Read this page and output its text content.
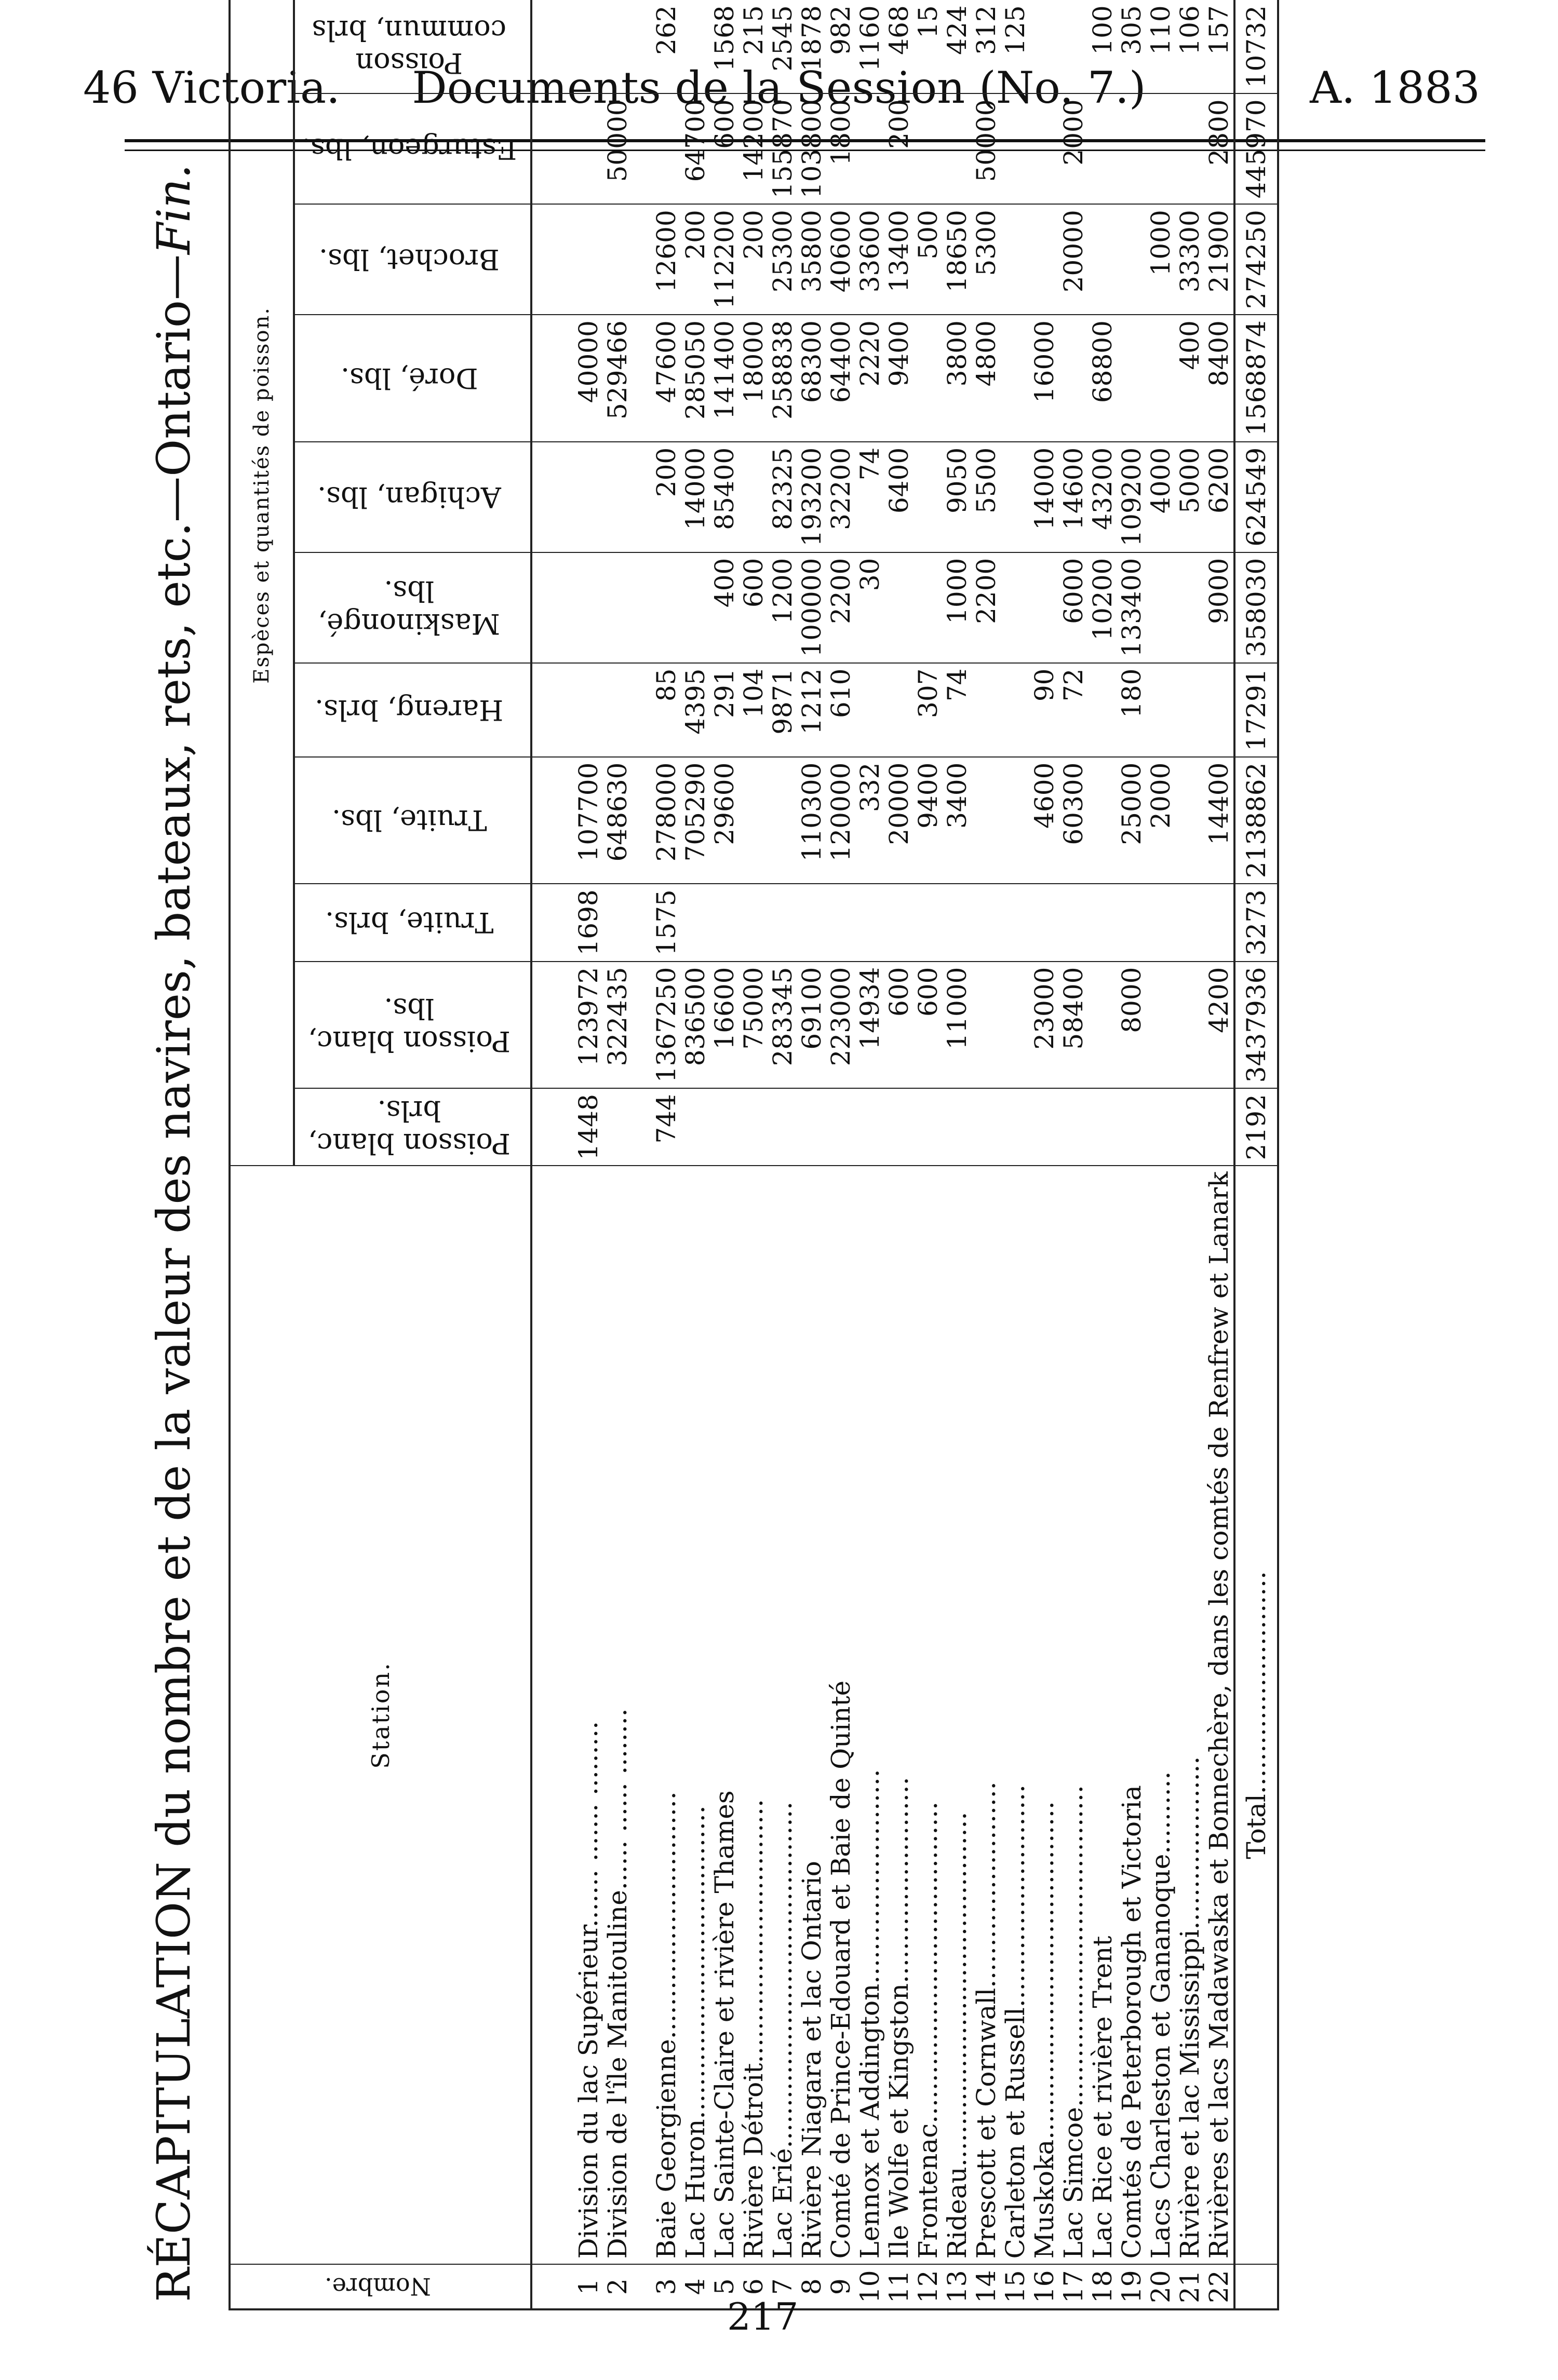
46 Victoria.	Documents de la Session (No. 7.)	A. 1883
RÉCAPITULATION du nombre et de la valeur des navires, bateaux, rets, etc.—Ontario—Fin.
Nombre.	Station.	Espèces et quantités de poisson.	
		Poisson blanc, brls.	Poisson blanc, lbs.	Truite, brls.	Truite, lbs.	Hareng, brls.	Maskinongé, lbs.	Achigan, lbs.	Doré, lbs.	Brochet, lbs.	Esturgeon, lbs.	Poisson commun, brls	

1	Division du lac Supérieur....... ....... .........	1448	123972	1698	107700				40000					
2	Division de l'île Manitouline...... ...... ........		322435		648630				529466		50000			

3	Baie Georgienne..............................	744	1367250	1575	278000	85		200	47600	12600		262		
4	Lac Huron......................................		836500		705290	4395		14000	285050	200	64700			
5	Lac Sainte-Claire et rivière Thames		16600		29600	291	400	85400	141400	112200	600	1568		
6	Rivière Détroit................................		75000			104	600		18000	200	14200	215		
7	Lac Erié..........................................		283345			9871	1200	82325	258838	25300	155870	2545		
8	Rivière Niagara et lac Ontario		69100		110300	1212	100000	193200	68300	35800	103800	1878		
9	Comté de Prince-Edouard et Baie de Quinté		223000		120000	610	2200	32200	64400	40600	1800	982		
10	Lennox et Addington..........................		14934		332		30	74	2220	33600		1160		
11	Ile Wolfe et Kingston.........................		600		20000			6400	9400	13400	200	468		
12	Frontenac.......................................		600		9400	307				500		15		
13	Rideau...........................................		11000		3400	74	1000	9050	3800	18650		424		
14	Prescott et Cornwall.........................						2200	5500	4800	5300	50000	312		
15	Carleton et Russell...........................											125		
16	Muskoka.........................................		23000		4600	90		14000	16000					
17	Lac Simcoe.......................................		58400		60300	72	6000	14600		20000	2000			
18	Lac Rice et rivière Trent						10200	43200	68800			100		
19	Comtés de Peterborough et Victoria		8000		25000	180	133400	109200				305		
20	Lacs Charleston et Gananoque..........				2000			4000		1000		110		
21	Rivière et lac Mississippi.....................							5000	400	33300		106		
22	Rivières et lacs Madawaska et Bonnechère, dans les comtés de Renfrew et Lanark		4200		14400		9000	6200	8400	21900	2800	157		
	Total...........................	2192	3437936	3273	2138862	17291	358030	624549	1568874	274250	445970	10732		
217
